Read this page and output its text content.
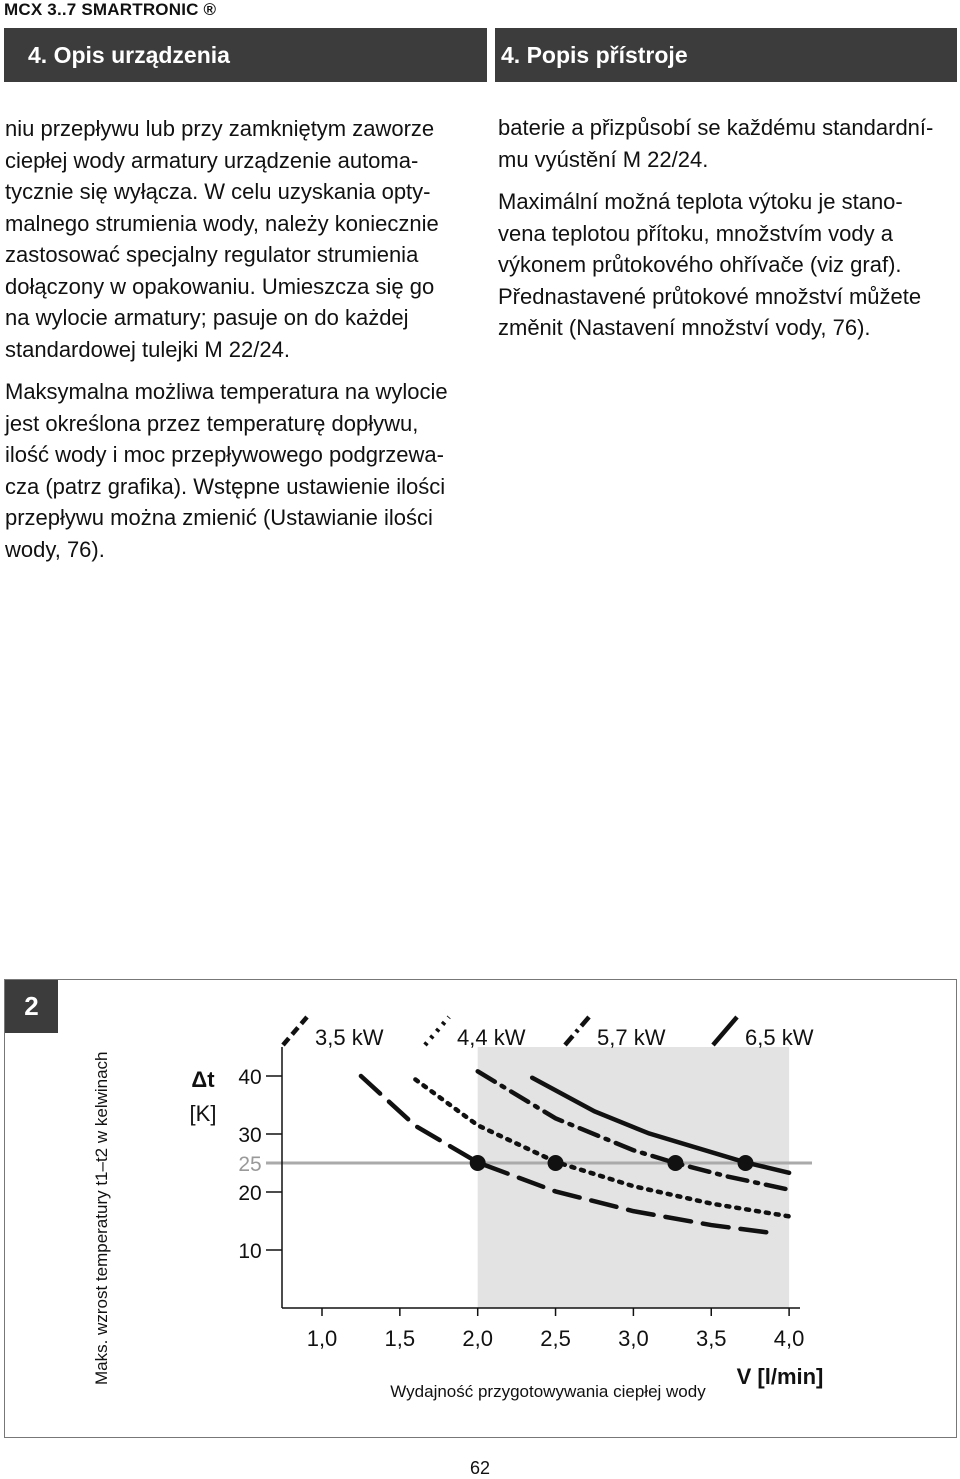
MCX 3..7 SMARTRONIC ®
4. Opis urządzenia	4. Popis přístroje

niu przepływu lub przy zamkniętym zaworze
ciepłej wody armatury urządzenie automa-
tycznie się wyłącza. W celu uzyskania opty-
malnego strumienia wody, należy koniecznie
zastosować specjalny regulator strumienia
dołączony w opakowaniu. Umieszcza się go
na wylocie armatury; pasuje on do każdej
standardowej tulejki M 22/24.

Maksymalna możliwa temperatura na wylocie
jest określona przez temperaturę dopływu,
ilość wody i moc przepływowego podgrzewa-
cza (patrz grafika). Wstępne ustawienie ilości
przepływu można zmienić (Ustawianie ilości
wody, 76).

baterie a přizpůsobí se každému standardní-
mu vyústění M 22/24.

Maximální možná teplota výtoku je stano-
vena teplotou přítoku, množstvím vody a
výkonem průtokového ohřívače (viz graf).
Přednastavené průtokové množství můžete
změnit (Nastavení množství vody, 76).

2
Maks. wzrost temperatury t1–t2 w kelwinach	40
30
20
10
25
1,0 1,5 2,0 2,5 3,0 3,5 4,0
Δt
[K]
Wydajność przygotowywania ciepłej wody
V [l/min]
3,5 kW	4,4 kW	5,7 kW	6,5 kW
62
